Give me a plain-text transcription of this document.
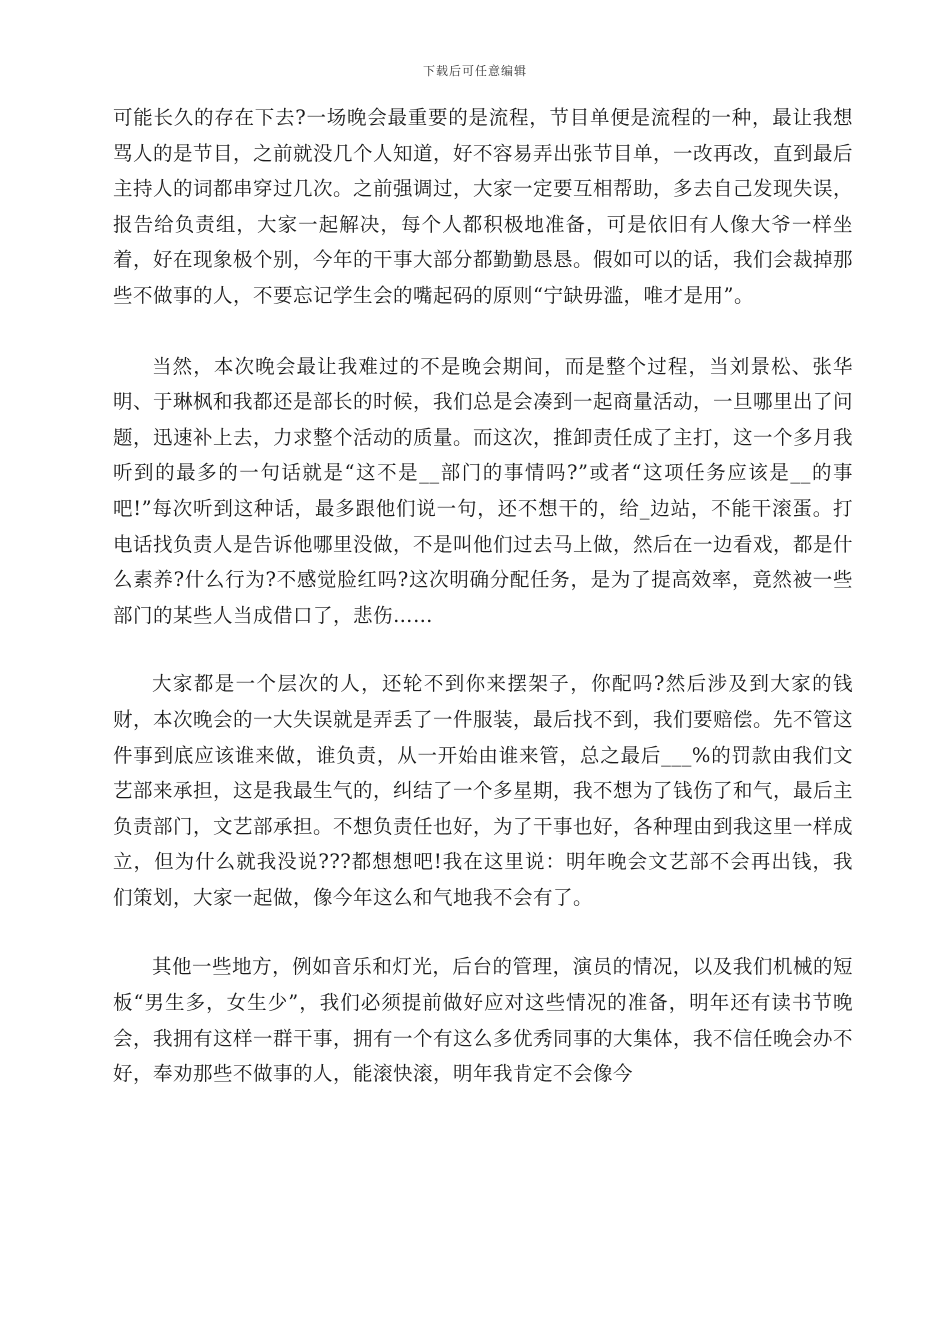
下载后可任意编辑

可能长久的存在下去?一场晚会最重要的是流程，节目单便是流程的一种，最让我想骂人的是节目，之前就没几个人知道，好不容易弄出张节目单，一改再改，直到最后主持人的词都串穿过几次。之前强调过，大家一定要互相帮助，多去自己发现失误，报告给负责组，大家一起解决，每个人都积极地准备，可是依旧有人像大爷一样坐着，好在现象极个别，今年的干事大部分都勤勤恳恳。假如可以的话，我们会裁掉那些不做事的人，不要忘记学生会的嘴起码的原则“宁缺毋滥，唯才是用”。

当然，本次晚会最让我难过的不是晚会期间，而是整个过程，当刘景松、张华明、于琳枫和我都还是部长的时候，我们总是会凑到一起商量活动，一旦哪里出了问题，迅速补上去，力求整个活动的质量。而这次，推卸责任成了主打，这一个多月我听到的最多的一句话就是“这不是__部门的事情吗?”或者“这项任务应该是__的事吧!”每次听到这种话，最多跟他们说一句，还不想干的，给_边站，不能干滚蛋。打电话找负责人是告诉他哪里没做，不是叫他们过去马上做，然后在一边看戏，都是什么素养?什么行为?不感觉脸红吗?这次明确分配任务，是为了提高效率，竟然被一些部门的某些人当成借口了，悲伤……

大家都是一个层次的人，还轮不到你来摆架子，你配吗?然后涉及到大家的钱财，本次晚会的一大失误就是弄丢了一件服装，最后找不到，我们要赔偿。先不管这件事到底应该谁来做，谁负责，从一开始由谁来管，总之最后___%的罚款由我们文艺部来承担，这是我最生气的，纠结了一个多星期，我不想为了钱伤了和气，最后主负责部门，文艺部承担。不想负责任也好，为了干事也好，各种理由到我这里一样成立，但为什么就我没说???都想想吧!我在这里说：明年晚会文艺部不会再出钱，我们策划，大家一起做，像今年这么和气地我不会有了。

其他一些地方，例如音乐和灯光，后台的管理，演员的情况，以及我们机械的短板“男生多，女生少”，我们必须提前做好应对这些情况的准备，明年还有读书节晚会，我拥有这样一群干事，拥有一个有这么多优秀同事的大集体，我不信任晚会办不好，奉劝那些不做事的人，能滚快滚，明年我肯定不会像今
